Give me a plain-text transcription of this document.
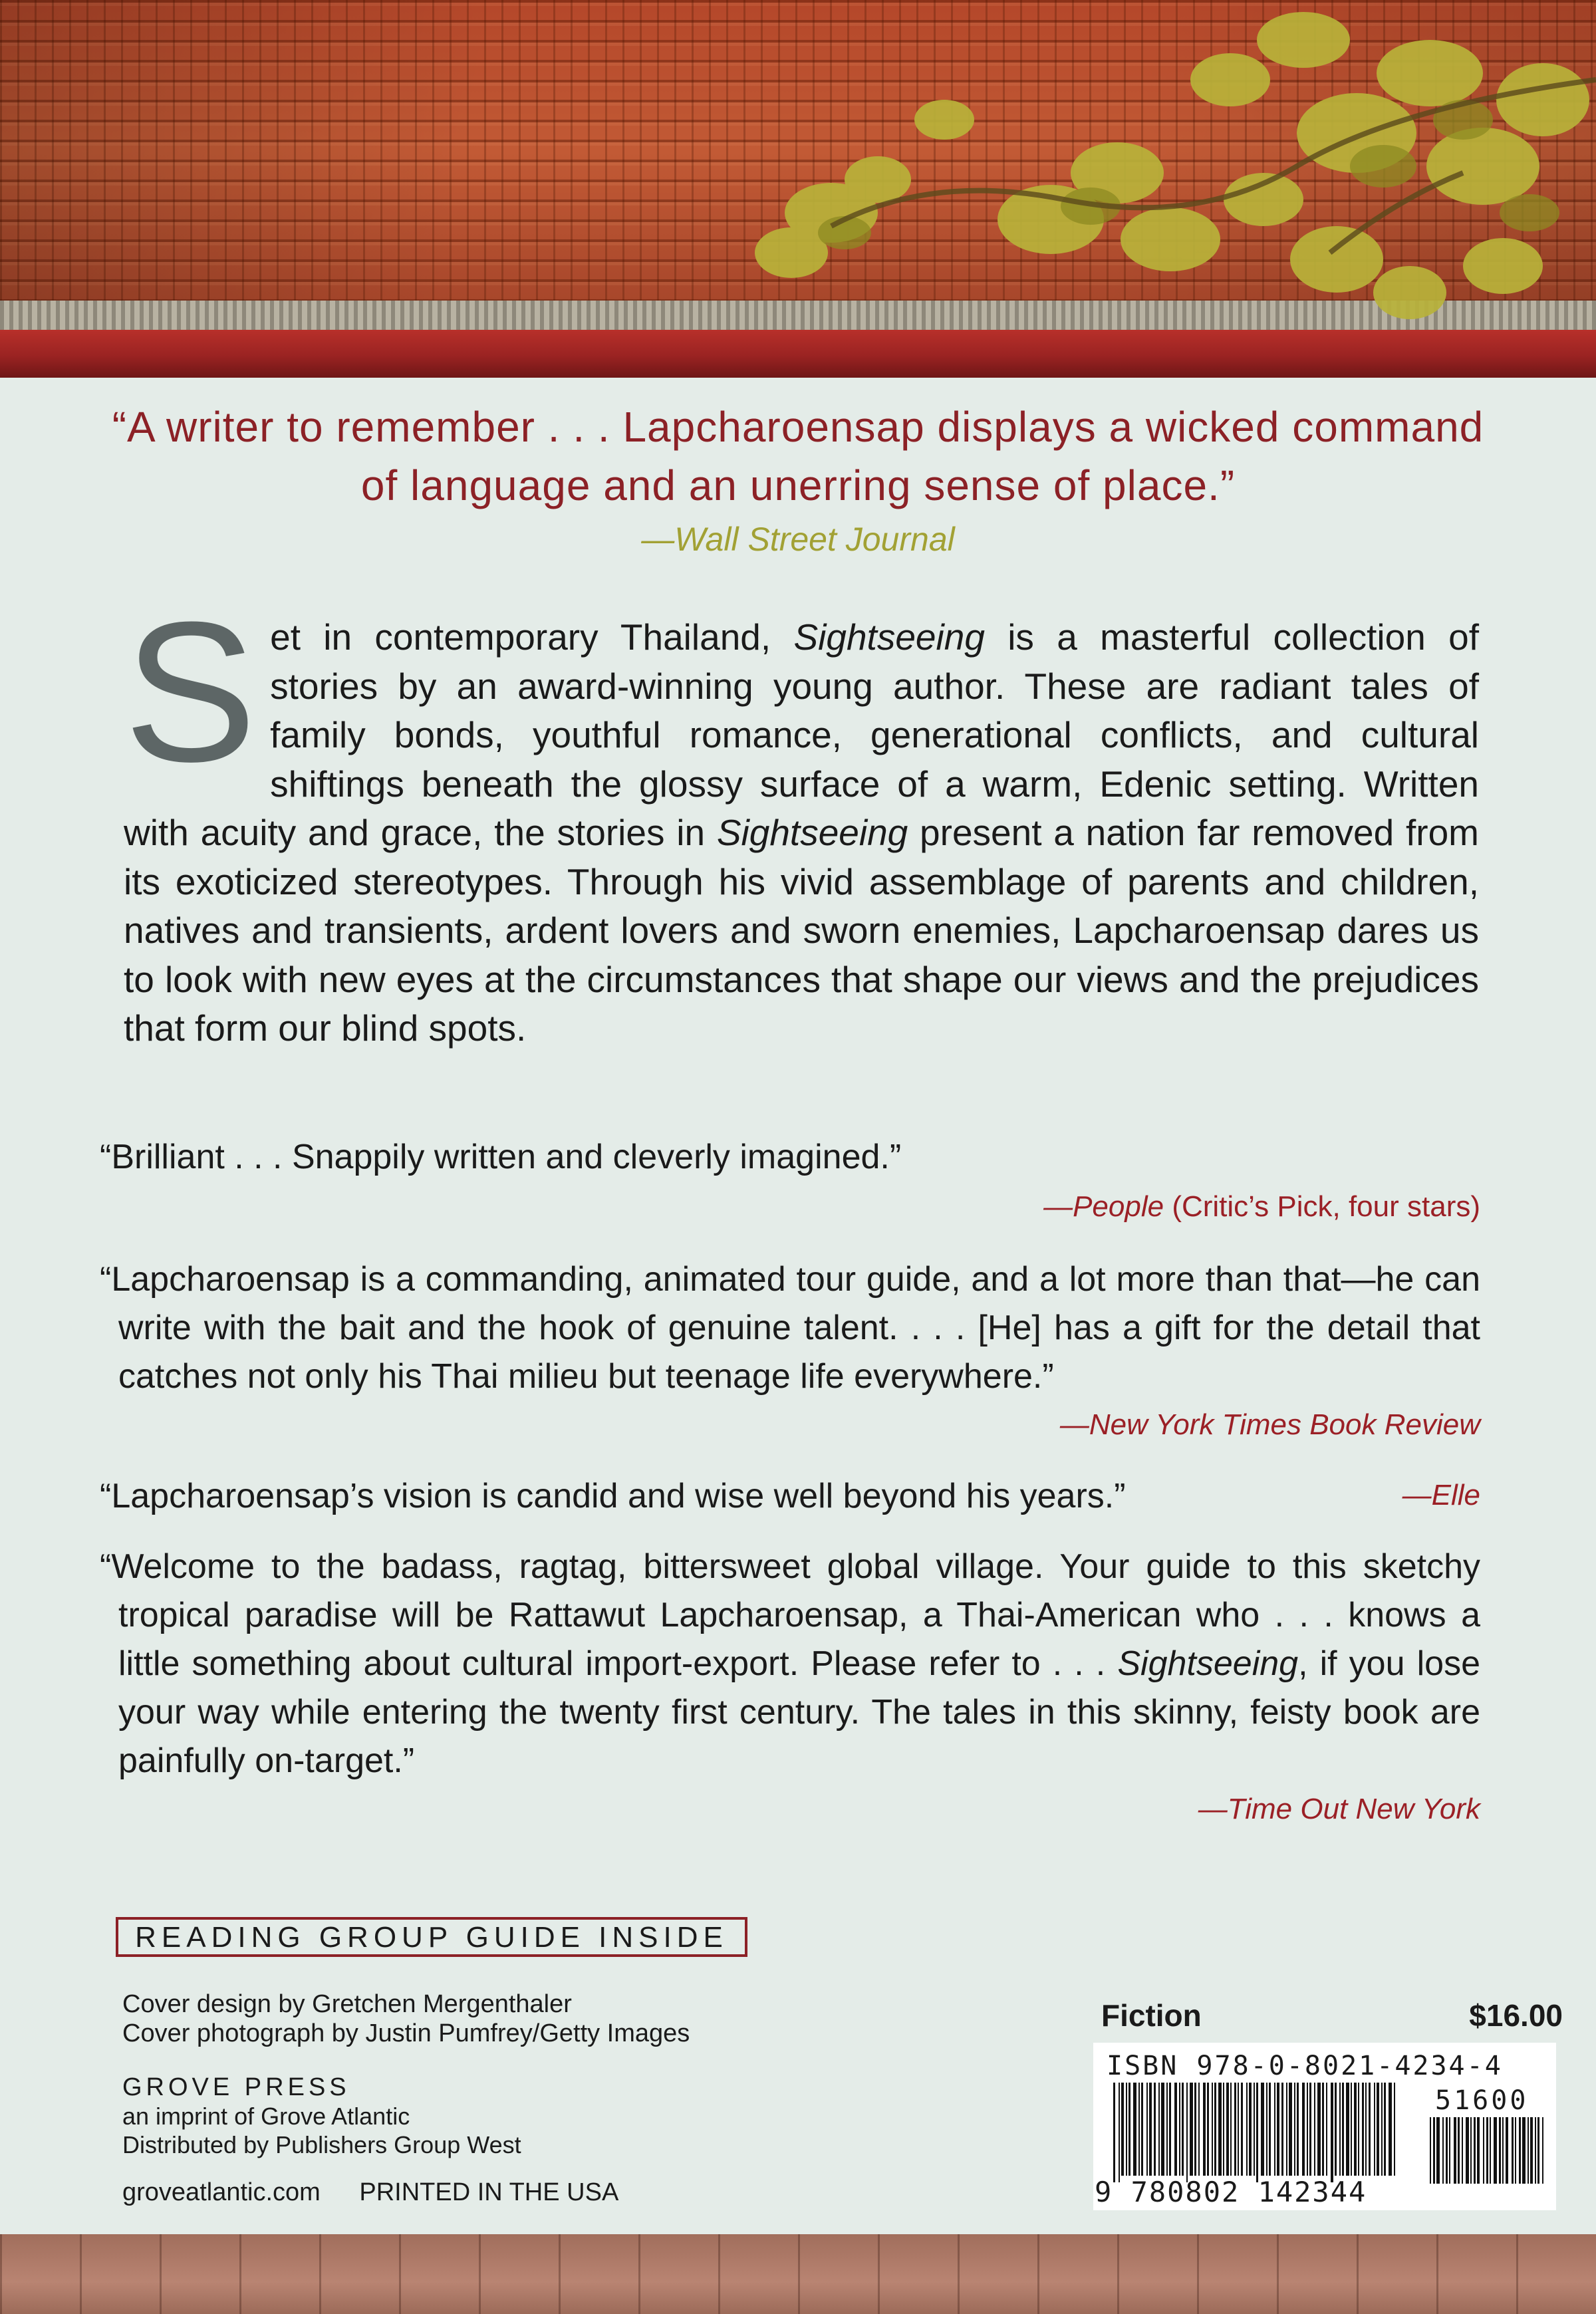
“A writer to remember . . . Lapcharoensap displays a wicked command of language and an unerring sense of place.”
—Wall Street Journal
Set in contemporary Thailand, Sightseeing is a masterful collection of stories by an award-winning young author. These are radiant tales of family bonds, youthful romance, generational conflicts, and cultural shiftings beneath the glossy surface of a warm, Edenic setting. Written with acuity and grace, the stories in Sightseeing present a nation far removed from its exoticized stereotypes. Through his vivid assemblage of parents and children, natives and transients, ardent lovers and sworn enemies, Lapcharoensap dares us to look with new eyes at the circumstances that shape our views and the prejudices that form our blind spots.
“Brilliant . . . Snappily written and cleverly imagined.”
—People (Critic’s Pick, four stars)
“Lapcharoensap is a commanding, animated tour guide, and a lot more than that—he can write with the bait and the hook of genuine talent. . . . [He] has a gift for the detail that catches not only his Thai milieu but teenage life everywhere.”
—New York Times Book Review
“Lapcharoensap’s vision is candid and wise well beyond his years.”	—Elle
“Welcome to the badass, ragtag, bittersweet global village. Your guide to this sketchy tropical paradise will be Rattawut Lapcharoensap, a Thai-American who . . . knows a little something about cultural import-export. Please refer to . . . Sightseeing, if you lose your way while entering the twenty first century. The tales in this skinny, feisty book are painfully on-target.”
—Time Out New York
READING GROUP GUIDE INSIDE
Cover design by Gretchen Mergenthaler
Cover photograph by Justin Pumfrey/Getty Images
GROVE PRESS
an imprint of Grove Atlantic
Distributed by Publishers Group West
groveatlantic.com PRINTED IN THE USA
Fiction	$16.00
ISBN 978-0-8021-4234-4
51600
9 780802 142344
